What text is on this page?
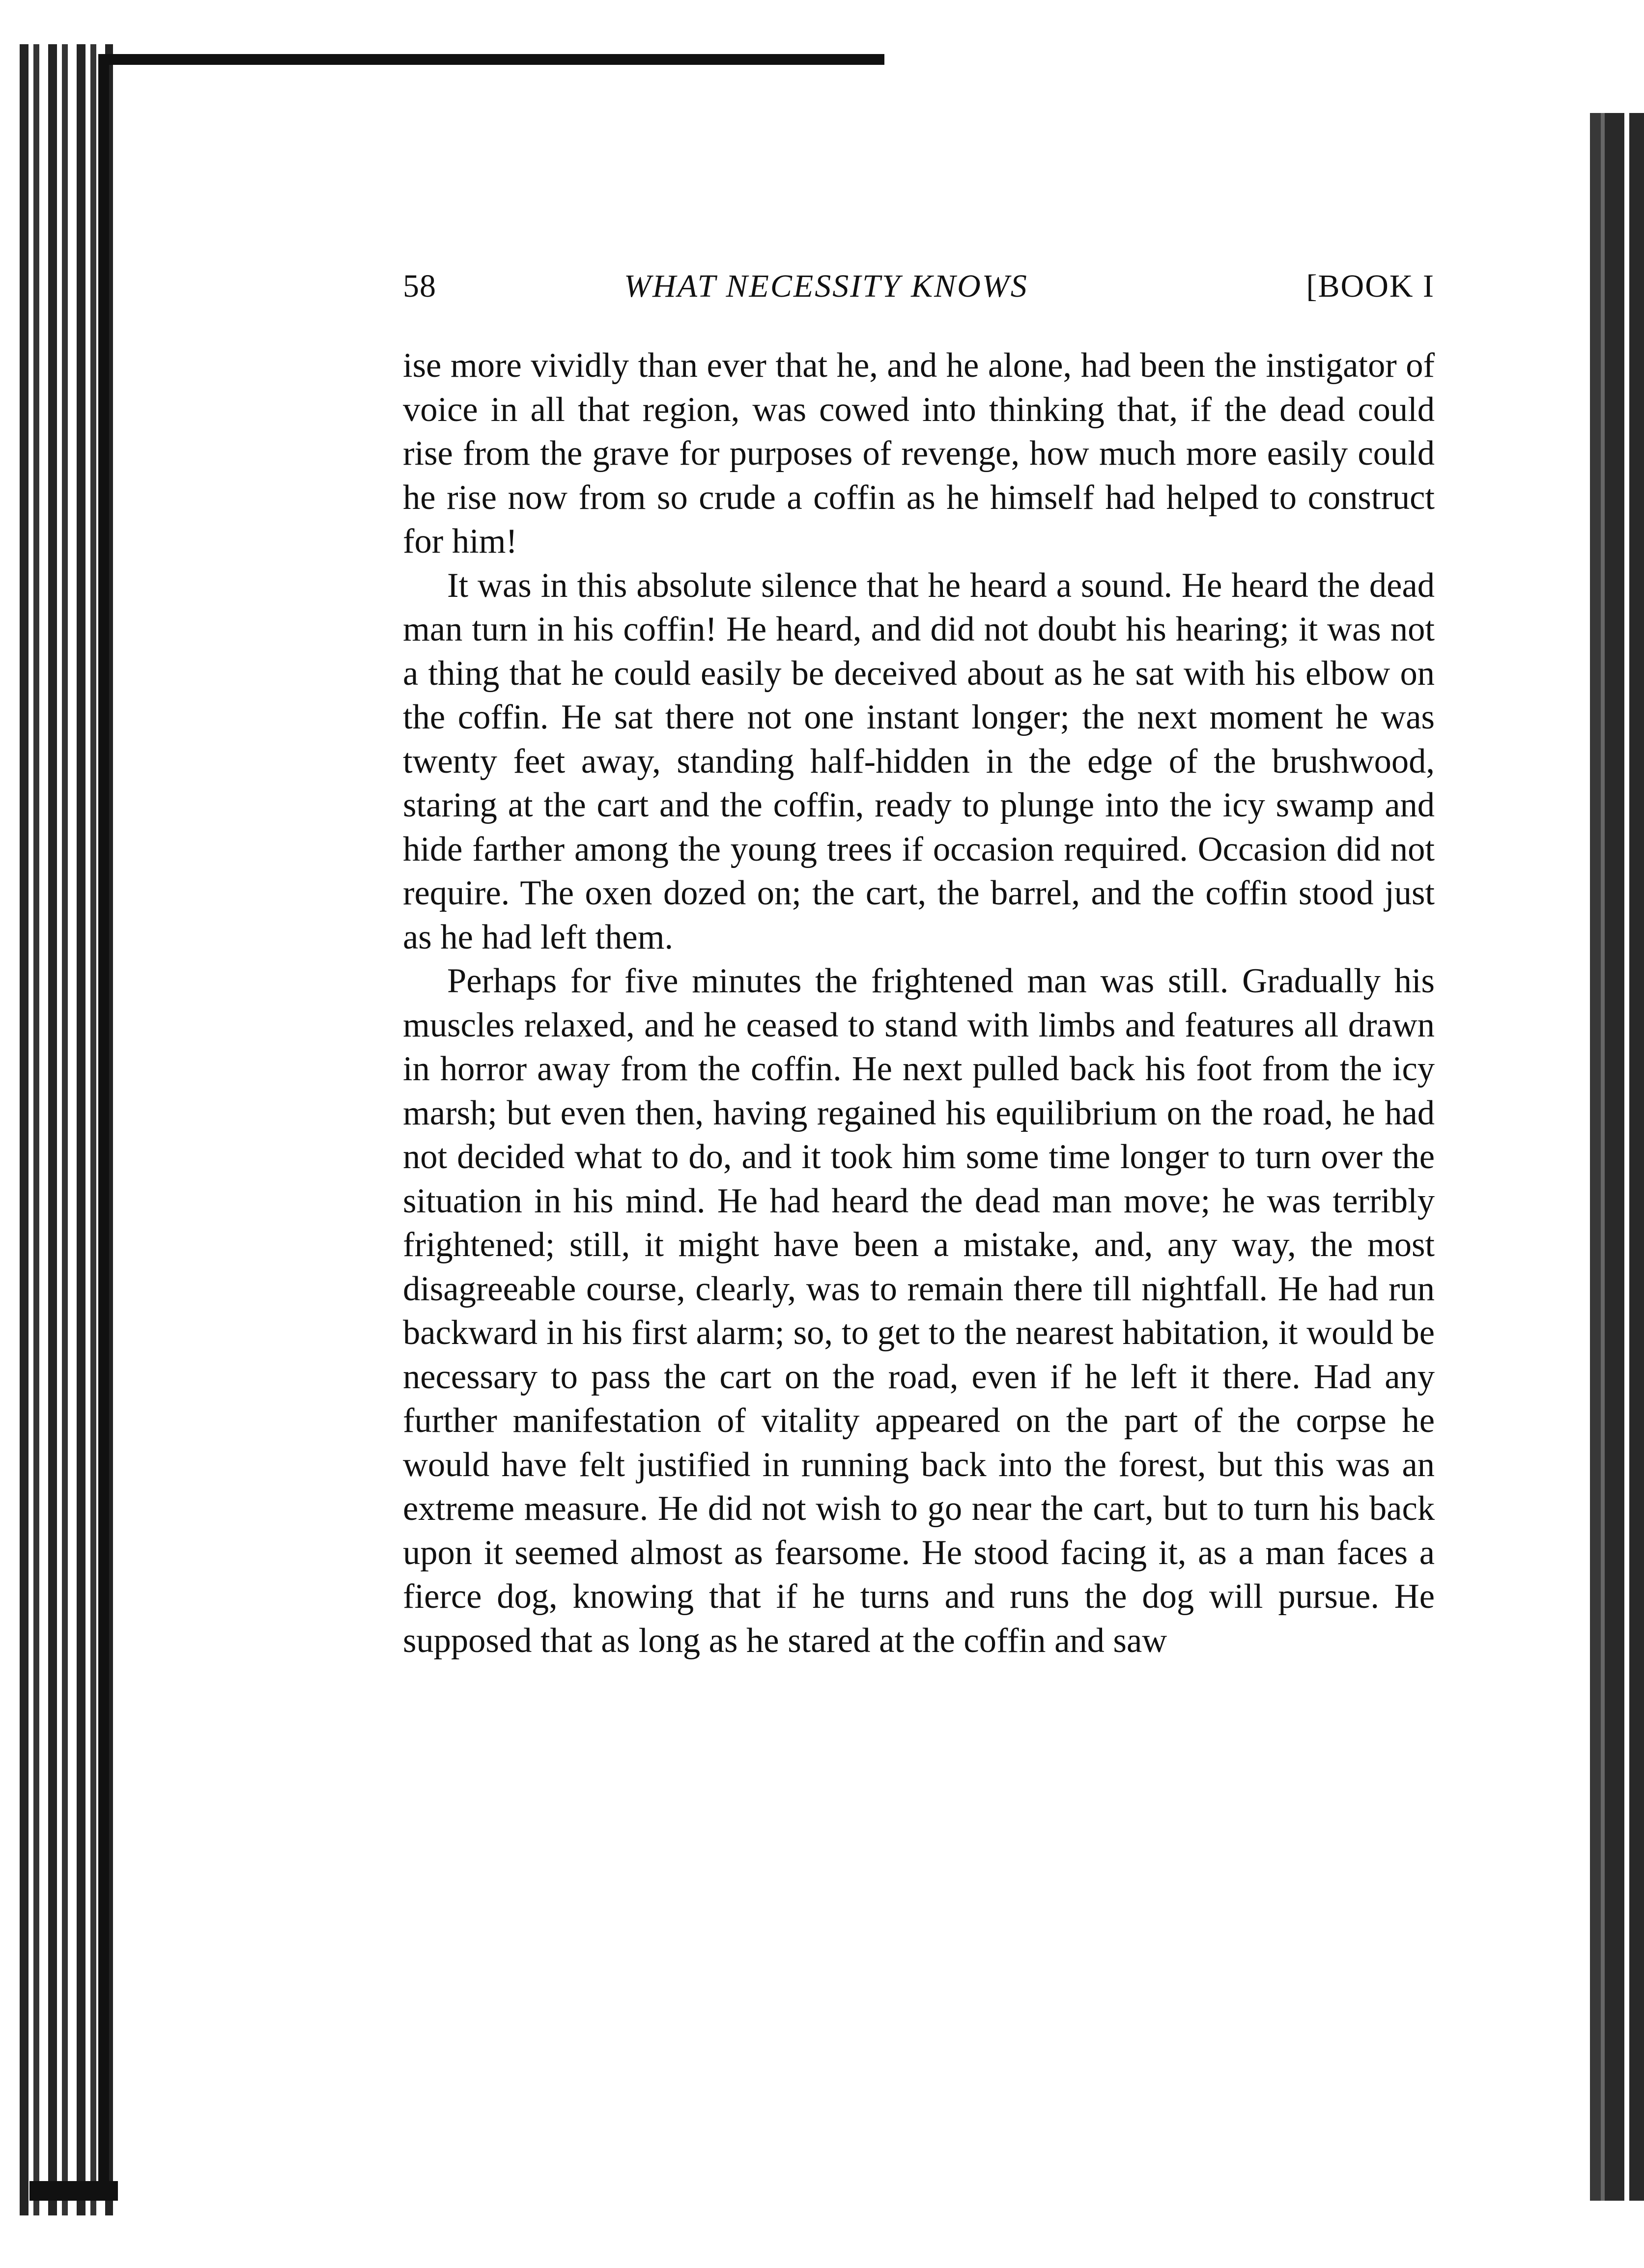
58	WHAT NECESSITY KNOWS	[BOOK I

ise more vividly than ever that he, and he alone, had been the instigator of voice in all that region, was cowed into thinking that, if the dead could rise from the grave for purposes of revenge, how much more easily could he rise now from so crude a coffin as he himself had helped to construct for him!

It was in this absolute silence that he heard a sound. He heard the dead man turn in his coffin! He heard, and did not doubt his hearing; it was not a thing that he could easily be deceived about as he sat with his elbow on the coffin. He sat there not one instant longer; the next moment he was twenty feet away, standing half-hidden in the edge of the brushwood, staring at the cart and the coffin, ready to plunge into the icy swamp and hide farther among the young trees if occasion required. Occasion did not require. The oxen dozed on; the cart, the barrel, and the coffin stood just as he had left them.

Perhaps for five minutes the frightened man was still. Gradually his muscles relaxed, and he ceased to stand with limbs and features all drawn in horror away from the coffin. He next pulled back his foot from the icy marsh; but even then, having regained his equilibrium on the road, he had not decided what to do, and it took him some time longer to turn over the situation in his mind. He had heard the dead man move; he was terribly frightened; still, it might have been a mistake, and, any way, the most disagreeable course, clearly, was to remain there till nightfall. He had run backward in his first alarm; so, to get to the nearest habitation, it would be necessary to pass the cart on the road, even if he left it there. Had any further manifestation of vitality appeared on the part of the corpse he would have felt justified in running back into the forest, but this was an extreme measure. He did not wish to go near the cart, but to turn his back upon it seemed almost as fearsome. He stood facing it, as a man faces a fierce dog, knowing that if he turns and runs the dog will pursue. He supposed that as long as he stared at the coffin and saw
